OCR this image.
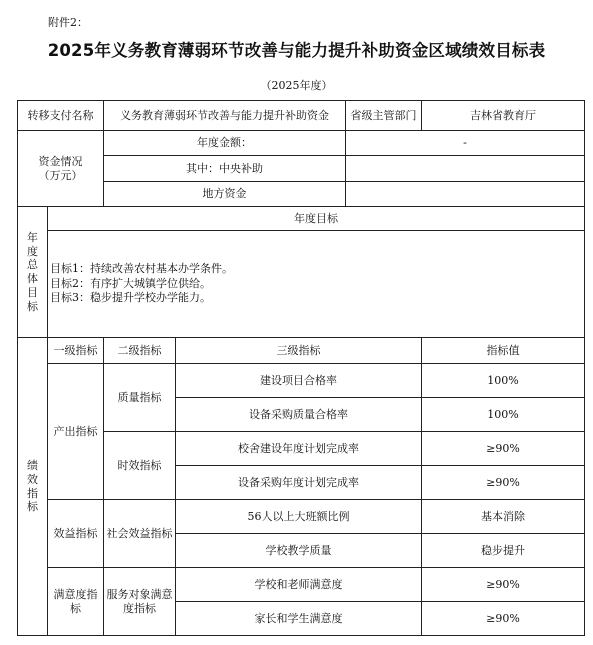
附件2：
2025年义务教育薄弱环节改善与能力提升补助资金区域绩效目标表
（2025年度）
转移支付名称		义务教育薄弱环节改善与能力提升补助资金		省级主管部门	吉林省教育厅

资金情况
（万元）		年度金额：		-	
		其中：中央补助			
		地方资金			
年度总体目标	年度目标				

	目标1：持续改善农村基本办学条件。
目标2：有序扩大城镇学位供给。
目标3：稳步提升学校办学能力。				

绩效指标	一级指标	二级指标	三级指标		指标值
	产出指标	质量指标	建设项目合格率		100%
			设备采购质量合格率		100%
		时效指标	校舍建设年度计划完成率		≥90%
			设备采购年度计划完成率		≥90%
	效益指标	社会效益指标	56人以上大班额比例		基本消除
			学校教学质量		稳步提升
	满意度指标	服务对象满意度指标	学校和老师满意度		≥90%
			家长和学生满意度		≥90%
